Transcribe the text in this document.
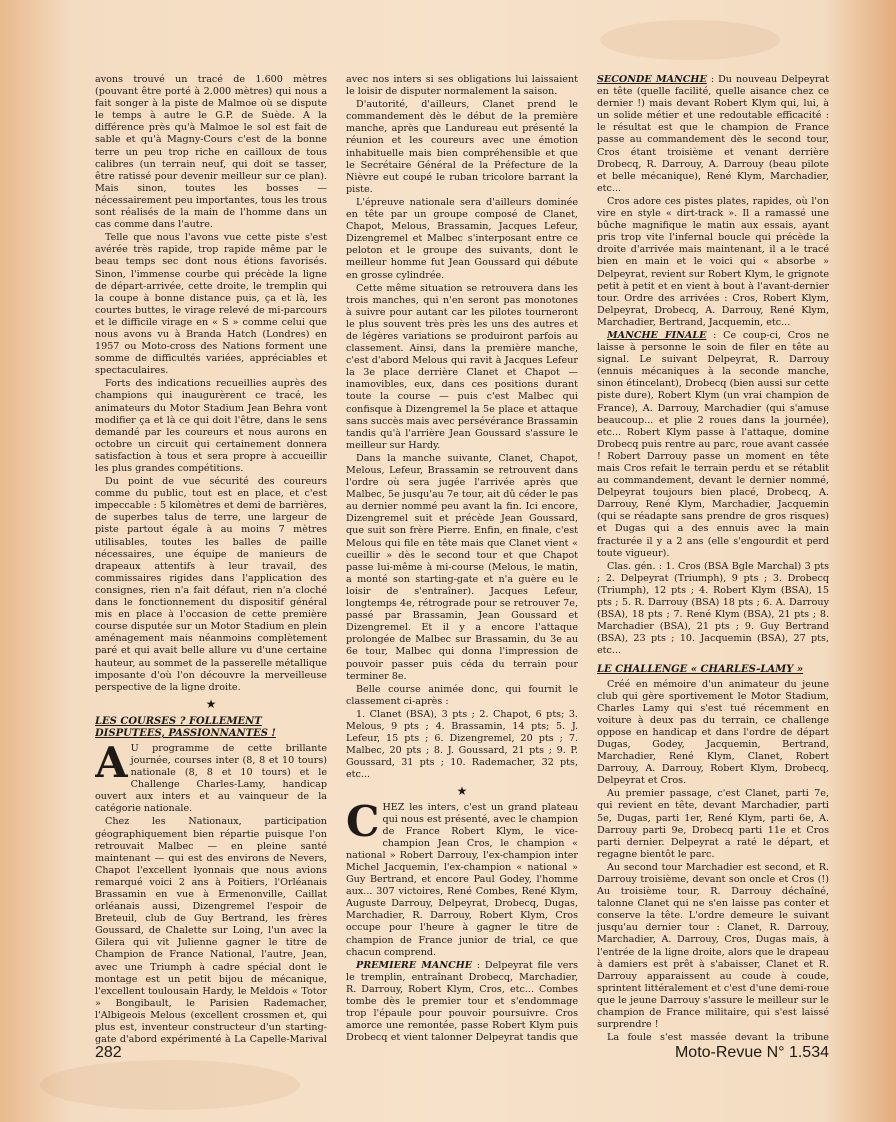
avons trouvé un tracé de 1.600 mètres (pouvant être porté à 2.000 mètres) qui nous a fait songer à la piste de Malmoe où se dispute le temps à autre le G.P. de Suède. A la différence près qu'à Malmoe le sol est fait de sable et qu'à Magny-Cours c'est de la bonne terre un peu trop riche en cailloux de tous calibres (un terrain neuf, qui doit se tasser, être ratissé pour devenir meilleur sur ce plan). Mais sinon, toutes les bosses — nécessairement peu importantes, tous les trous sont réalisés de la main de l'homme dans un cas comme dans l'autre.

Telle que nous l'avons vue cette piste s'est avérée très rapide, trop rapide même par le beau temps sec dont nous étions favorisés. Sinon, l'immense courbe qui précède la ligne de départ-arrivée, cette droite, le tremplin qui la coupe à bonne distance puis, ça et là, les courtes buttes, le virage relevé de mi-parcours et le difficile virage en « S » comme celui que nous avons vu à Branda Hatch (Londres) en 1957 ou Moto-cross des Nations forment une somme de difficultés variées, appréciables et spectaculaires.

Forts des indications recueillies auprès des champions qui inaugurèrent ce tracé, les animateurs du Motor Stadium Jean Behra vont modifier ça et là ce qui doit l'être, dans le sens demandé par les coureurs et nous aurons en octobre un circuit qui certainement donnera satisfaction à tous et sera propre à accueillir les plus grandes compétitions.

Du point de vue sécurité des coureurs comme du public, tout est en place, et c'est impeccable : 5 kilomètres et demi de barrières, de superbes talus de terre, une largeur de piste partout égale à au moins 7 mètres utilisables, toutes les balles de paille nécessaires, une équipe de manieurs de drapeaux attentifs à leur travail, des commissaires rigides dans l'application des consignes, rien n'a fait défaut, rien n'a cloché dans le fonctionnement du dispositif général mis en place à l'occasion de cette première course disputée sur un Motor Stadium en plein aménagement mais néanmoins complètement paré et qui avait belle allure vu d'une certaine hauteur, au sommet de la passerelle métallique imposante d'où l'on découvre la merveilleuse perspective de la ligne droite.

★
LES COURSES ? FOLLEMENT DISPUTEES, PASSIONNANTES !

A U programme de cette brillante journée, courses inter (8, 8 et 10 tours) nationale (8, 8 et 10 tours) et le Challenge Charles-Lamy, handicap ouvert aux inters et au vainqueur de la catégorie nationale.

Chez les Nationaux, participation géographiquement bien répartie puisque l'on retrouvait Malbec — en pleine santé maintenant — qui est des environs de Nevers, Chapot l'excellent lyonnais que nous avions remarqué voici 2 ans à Poitiers, l'Orléanais Brassamin en vue à Ermenonville, Caillat orléanais aussi, Dizengremel l'espoir de Breteuil, club de Guy Bertrand, les frères Goussard, de Chalette sur Loing, l'un avec la Gilera qui vit Julienne gagner le titre de Champion de France National, l'autre, Jean, avec une Triumph à cadre spécial dont le montage est un petit bijou de mécanique, l'excellent toulousain Hardy, le Meldois « Totor » Bongibault, le Parisien Rademacher, l'Albigeois Melous (excellent crossmen et, qui plus est, inventeur constructeur d'un starting-gate d'abord expérimenté à La Capelle-Marival

avec nos inters si ses obligations lui laissaient le loisir de disputer normalement la saison.

D'autorité, d'ailleurs, Clanet prend le commandement dès le début de la première manche, après que Landureau eut présenté la réunion et les coureurs avec une émotion inhabituelle mais bien compréhensible et que le Secrétaire Général de la Préfecture de la Nièvre eut coupé le ruban tricolore barrant la piste.

L'épreuve nationale sera d'ailleurs dominée en tête par un groupe composé de Clanet, Chapot, Melous, Brassamin, Jacques Lefeur, Dizengremel et Malbec s'interposant entre ce peloton et le groupe des suivants, dont le meilleur homme fut Jean Goussard qui débute en grosse cylindrée.

Cette même situation se retrouvera dans les trois manches, qui n'en seront pas monotones à suivre pour autant car les pilotes tourneront le plus souvent très près les uns des autres et de légères variations se produiront parfois au classement. Ainsi, dans la première manche, c'est d'abord Melous qui ravit à Jacques Lefeur la 3e place derrière Clanet et Chapot — inamovibles, eux, dans ces positions durant toute la course — puis c'est Malbec qui confisque à Dizengremel la 5e place et attaque sans succès mais avec persévérance Brassamin tandis qu'à l'arrière Jean Goussard s'assure le meilleur sur Hardy.

Dans la manche suivante, Clanet, Chapot, Melous, Lefeur, Brassamin se retrouvent dans l'ordre où sera jugée l'arrivée après que Malbec, 5e jusqu'au 7e tour, ait dû céder le pas au dernier nommé peu avant la fin. Ici encore, Dizengremel suit et précède Jean Goussard, que suit son frère Pierre. Enfin, en finale, c'est Melous qui file en tête mais que Clanet vient « cueillir » dès le second tour et que Chapot passe lui-même à mi-course (Melous, le matin, a monté son starting-gate et n'a guère eu le loisir de s'entraîner). Jacques Lefeur, longtemps 4e, rétrograde pour se retrouver 7e, passé par Brassamin, Jean Goussard et Dizengremel. Et il y a encore l'attaque prolongée de Malbec sur Brassamin, du 3e au 6e tour, Malbec qui donna l'impression de pouvoir passer puis céda du terrain pour terminer 8e.

Belle course animée donc, qui fournit le classement ci-après :

1. Clanet (BSA), 3 pts ; 2. Chapot, 6 pts; 3. Melous, 9 pts ; 4. Brassamin, 14 pts; 5. J. Lefeur, 15 pts ; 6. Dizengremel, 20 pts ; 7. Malbec, 20 pts ; 8. J. Goussard, 21 pts ; 9. P. Goussard, 31 pts ; 10. Rademacher, 32 pts, etc...

★

CHEZ les inters, c'est un grand plateau qui nous est présenté, avec le champion de France Robert Klym, le vice-champion Jean Cros, le champion « national » Robert Darrouy, l'ex-champion inter Michel Jacquemin, l'ex-champion « national » Guy Bertrand, et encore Paul Godey, l'homme aux... 307 victoires, René Combes, René Klym, Auguste Darrouy, Delpeyrat, Drobecq, Dugas, Marchadier, R. Darrouy, Robert Klym, Cros occupe pour l'heure à gagner le titre de champion de France junior de trial, ce que chacun comprend.

PREMIERE MANCHE : Delpeyrat file vers le tremplin, entraînant Drobecq, Marchadier, R. Darrouy, Robert Klym, Cros, etc... Combes tombe dès le premier tour et s'endommage trop l'épaule pour pouvoir poursuivre. Cros amorce une remontée, passe Robert Klym puis Drobecq et vient talonner Delpeyrat tandis que

SECONDE MANCHE : Du nouveau Delpeyrat en tête (quelle facilité, quelle aisance chez ce dernier !) mais devant Robert Klym qui, lui, à un solide métier et une redoutable efficacité : le résultat est que le champion de France passe au commandement dès le second tour, Cros étant troisième et venant derrière Drobecq, R. Darrouy, A. Darrouy (beau pilote et belle mécanique), René Klym, Marchadier, etc...

Cros adore ces pistes plates, rapides, où l'on vire en style « dirt-track ». Il a ramassé une bûche magnifique le matin aux essais, ayant pris trop vite l'infernal boucle qui précède la droite d'arrivée mais maintenant, il a le tracé bien en main et le voici qui « absorbe » Delpeyrat, revient sur Robert Klym, le grignote petit à petit et en vient à bout à l'avant-dernier tour. Ordre des arrivées : Cros, Robert Klym, Delpeyrat, Drobecq, A. Darrouy, René Klym, Marchadier, Bertrand, Jacquemin, etc...

MANCHE FINALE : Ce coup-ci, Cros ne laisse à personne le soin de filer en tête au signal. Le suivant Delpeyrat, R. Darrouy (ennuis mécaniques à la seconde manche, sinon étincelant), Drobecq (bien aussi sur cette piste dure), Robert Klym (un vrai champion de France), A. Darrouy, Marchadier (qui s'amuse beaucoup... et plie 2 roues dans la journée), etc... Robert Klym passe à l'attaque, domine Drobecq puis rentre au parc, roue avant cassée ! Robert Darrouy passe un moment en tête mais Cros refait le terrain perdu et se rétablit au commandement, devant le dernier nommé, Delpeyrat toujours bien placé, Drobecq, A. Darrouy, René Klym, Marchadier, Jacquemin (qui se réadapte sans prendre de gros risques) et Dugas qui a des ennuis avec la main fracturée il y a 2 ans (elle s'engourdit et perd toute vigueur).

Clas. gén. : 1. Cros (BSA Bgle Marchal) 3 pts ; 2. Delpeyrat (Triumph), 9 pts ; 3. Drobecq (Triumph), 12 pts ; 4. Robert Klym (BSA), 15 pts ; 5. R. Darrouy (BSA) 18 pts ; 6. A. Darrouy (BSA), 18 pts ; 7. René Klym (BSA), 21 pts ; 8. Marchadier (BSA), 21 pts ; 9. Guy Bertrand (BSA), 23 pts ; 10. Jacquemin (BSA), 27 pts, etc...

LE CHALLENGE « CHARLES-LAMY »

Créé en mémoire d'un animateur du jeune club qui gère sportivement le Motor Stadium, Charles Lamy qui s'est tué récemment en voiture à deux pas du terrain, ce challenge oppose en handicap et dans l'ordre de départ Dugas, Godey, Jacquemin, Bertrand, Marchadier, René Klym, Clanet, Robert Darrouy, A. Darrouy, Robert Klym, Drobecq, Delpeyrat et Cros.

Au premier passage, c'est Clanet, parti 7e, qui revient en tête, devant Marchadier, parti 5e, Dugas, parti 1er, René Klym, parti 6e, A. Darrouy parti 9e, Drobecq parti 11e et Cros parti dernier. Delpeyrat a raté le départ, et regagne bientôt le parc.

Au second tour Marchadier est second, et R. Darrouy troisième, devant son oncle et Cros (!) Au troisième tour, R. Darrouy déchaîné, talonne Clanet qui ne s'en laisse pas conter et conserve la tête. L'ordre demeure le suivant jusqu'au dernier tour : Clanet, R. Darrouy, Marchadier, A. Darrouy, Cros, Dugas mais, à l'entrée de la ligne droite, alors que le drapeau à damiers est prêt à s'abaisser, Clanet et R. Darrouy apparaissent au coude à coude, sprintent littéralement et c'est d'une demi-roue que le jeune Darrouy s'assure le meilleur sur le champion de France militaire, qui s'est laissé surprendre !

La foule s'est massée devant la tribune

282	Moto-Revue N° 1.534
